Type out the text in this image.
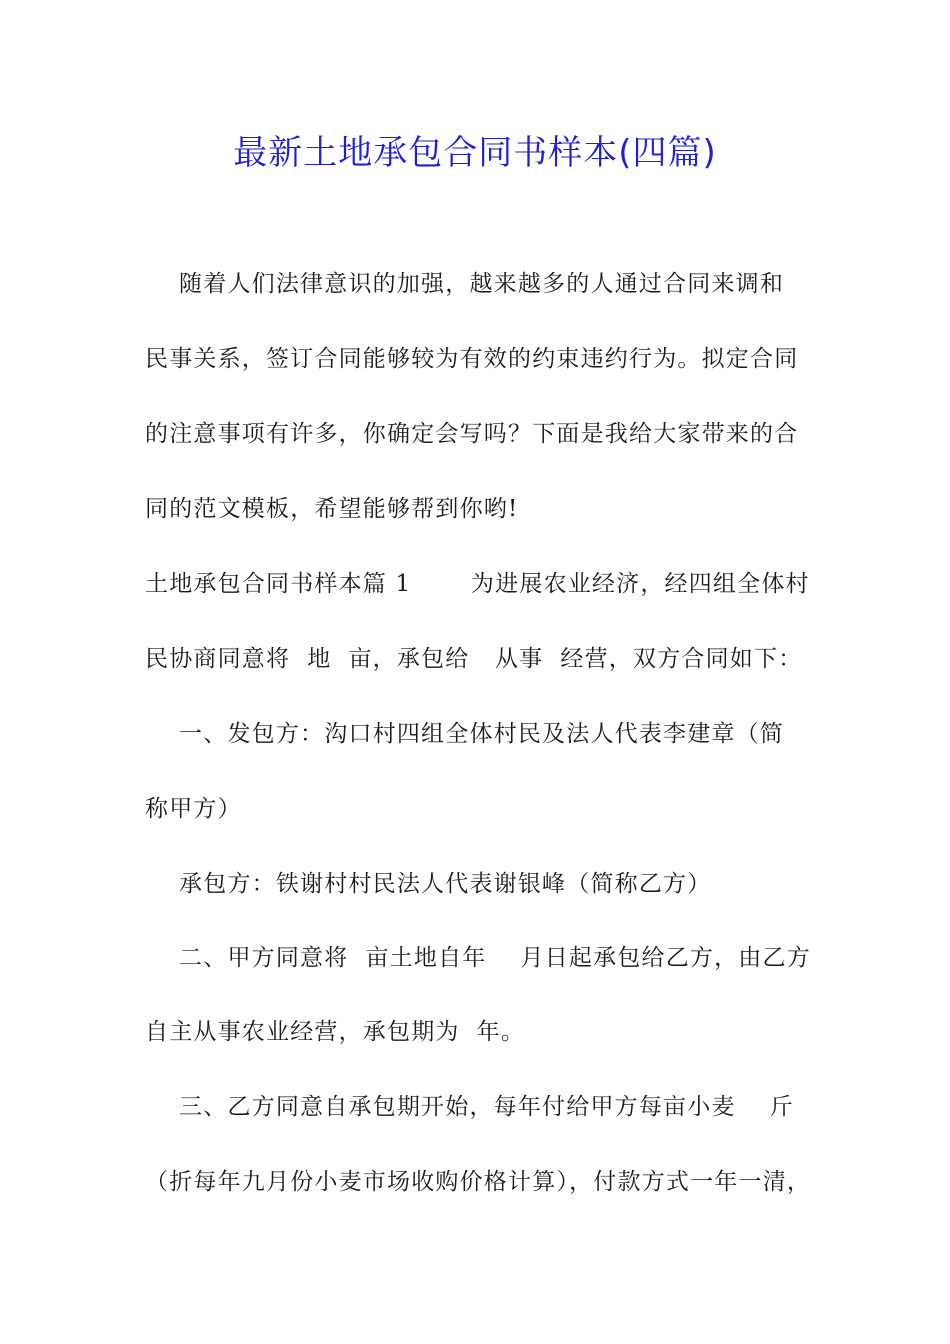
最新土地承包合同书样本(四篇)

随着人们法律意识的加强，越来越多的人通过合同来调和

民事关系，签订合同能够较为有效的约束违约行为。拟定合同

的注意事项有许多，你确定会写吗？下面是我给大家带来的合

同的范文模板，希望能够帮到你哟!

土地承包合同书样本篇 1       为进展农业经济，经四组全体村

民协商同意将  地  亩，承包给   从事  经营，双方合同如下：

一、发包方：沟口村四组全体村民及法人代表李建章（简

称甲方）

承包方：铁谢村村民法人代表谢银峰（简称乙方）

二、甲方同意将  亩土地自年    月日起承包给乙方，由乙方

自主从事农业经营，承包期为  年。

三、乙方同意自承包期开始，每年付给甲方每亩小麦    斤

（折每年九月份小麦市场收购价格计算），付款方式一年一清，
